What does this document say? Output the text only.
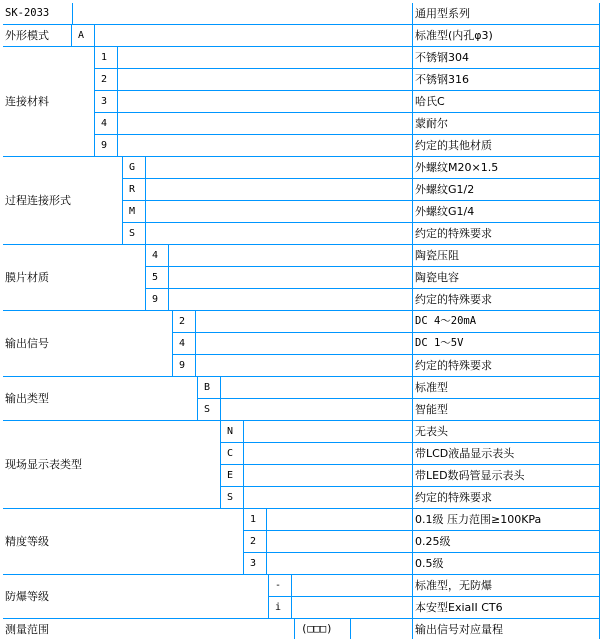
SK-2033	通用型系列
外形模式	A	标准型(内孔φ3)
连接材料
1	不锈钢304
2	不锈钢316
3	哈氏C
4	蒙耐尔
9	约定的其他材质
过程连接形式
G	外螺纹M20×1.5
R	外螺纹G1/2
M	外螺纹G1/4
S	约定的特殊要求
膜片材质
4	陶瓷压阻
5	陶瓷电容
9	约定的特殊要求
输出信号
2	DC 4～20mA
4	DC 1～5V
9	约定的特殊要求
输出类型
B	标准型
S	智能型
现场显示表类型
N	无表头
C	带LCD液晶显示表头
E	带LED数码管显示表头
S	约定的特殊要求
精度等级
1	0.1级 压力范围≥100KPa
2	0.25级
3	0.5级
防爆等级
-	标准型，无防爆
i	本安型ExiaII CT6
测量范围	(□□□)	输出信号对应量程
